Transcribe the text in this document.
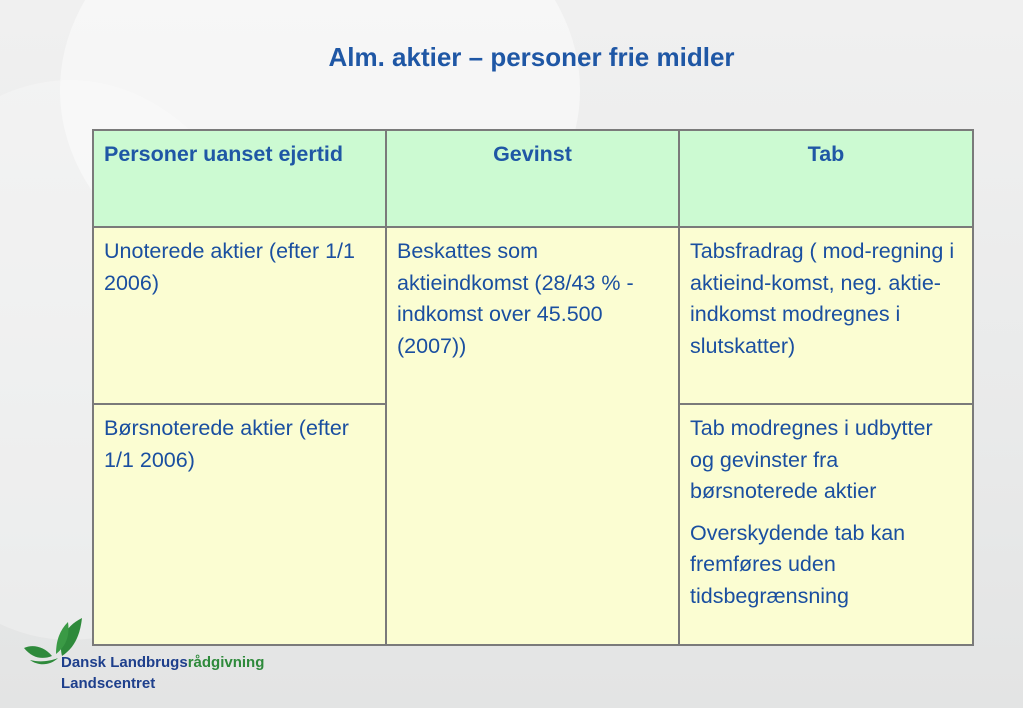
Alm. aktier – personer frie midler
Personer uanset ejertid	Gevinst	Tab
Unoterede aktier (efter 1/1 2006)	Beskattes som aktieindkomst (28/43 % - indkomst over 45.500 (2007))	Tabsfradrag ( mod-regning i aktieind-komst, neg. aktie-indkomst modregnes i slutskatter)
Børsnoterede aktier (efter 1/1 2006)		Tab modregnes i udbytter og gevinster fra børsnoterede aktier
Overskydende tab kan fremføres uden tidsbegrænsning
Dansk Landbrugsrådgivning
Landscentret
